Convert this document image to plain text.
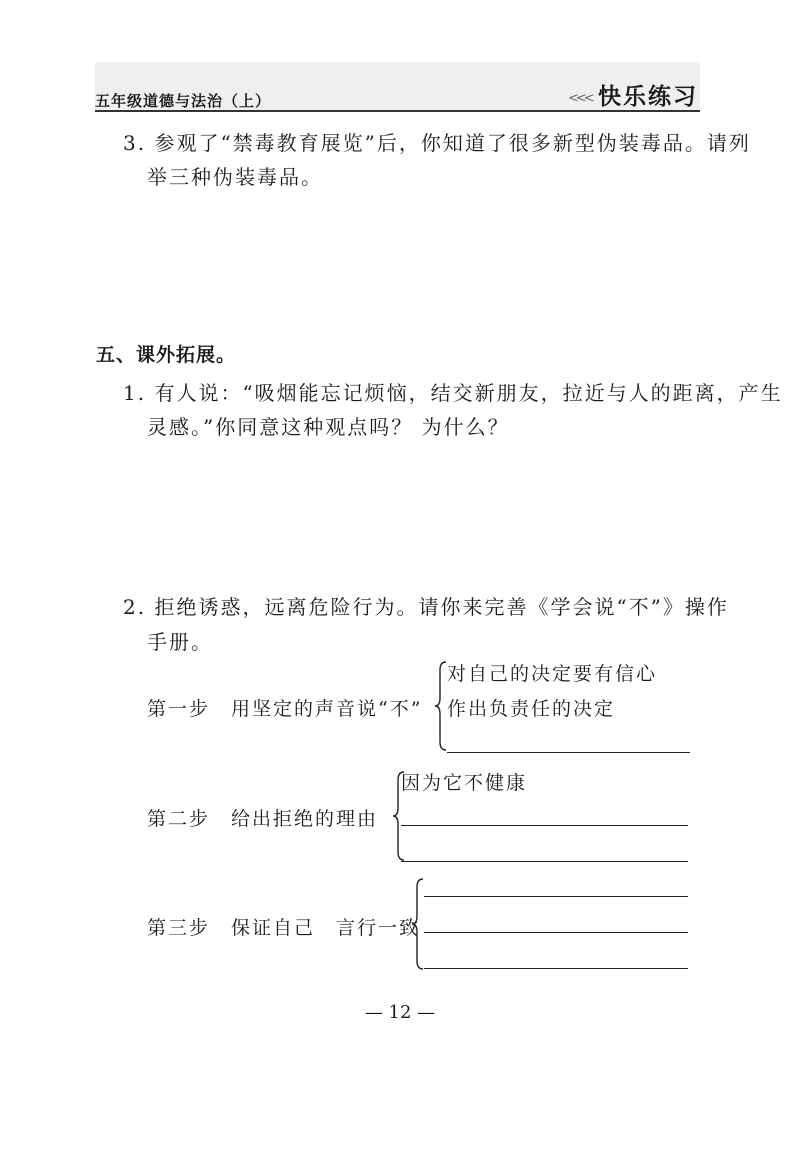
五年级道德与法治（上）	<<< 快乐练习
3. 参观了“禁毒教育展览”后，你知道了很多新型伪装毒品。请列
举三种伪装毒品。
五、课外拓展。
1. 有人说：“吸烟能忘记烦恼，结交新朋友，拉近与人的距离，产生
灵感。”你同意这种观点吗？ 为什么？
2. 拒绝诱惑，远离危险行为。请你来完善《学会说“不”》操作
手册。
第一步　用坚定的声音说“不”
对自己的决定要有信心
作出负责任的决定
第二步　给出拒绝的理由
因为它不健康
第三步　保证自己　言行一致
— 12 —
